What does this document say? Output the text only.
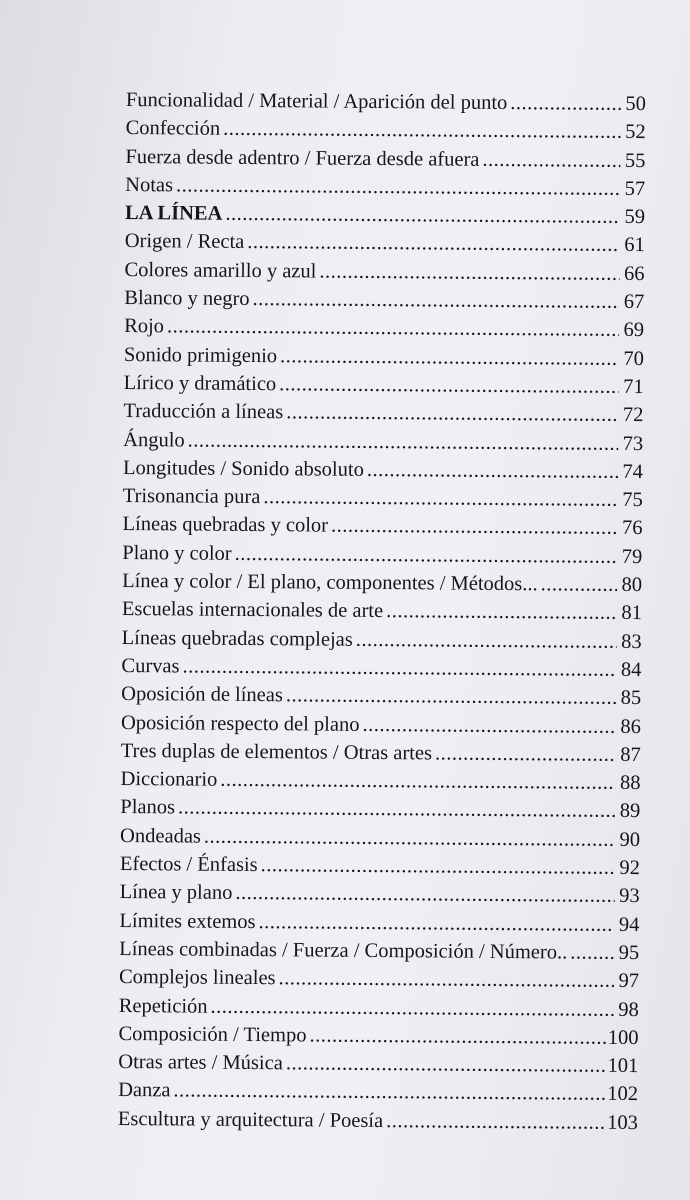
Funcionalidad / Material / Aparición del punto .....	50
Confección .....	52
Fuerza desde adentro / Fuerza desde afuera .....	55
Notas .....	57
LA LÍNEA .....	59
Origen / Recta .....	61
Colores amarillo y azul .....	66
Blanco y negro .....	67
Rojo .....	69
Sonido primigenio .....	70
Lírico y dramático .....	71
Traducción a líneas .....	72
Ángulo .....	73
Longitudes / Sonido absoluto .....	74
Trisonancia pura .....	75
Líneas quebradas y color .....	76
Plano y color .....	79
Línea y color / El plano, componentes / Métodos... .....	80
Escuelas internacionales de arte .....	81
Líneas quebradas complejas .....	83
Curvas .....	84
Oposición de líneas .....	85
Oposición respecto del plano .....	86
Tres duplas de elementos / Otras artes .....	87
Diccionario .....	88
Planos .....	89
Ondeadas .....	90
Efectos / Énfasis .....	92
Línea y plano .....	93
Límites extemos .....	94
Líneas combinadas / Fuerza / Composición / Número.. .....	95
Complejos lineales .....	97
Repetición .....	98
Composición / Tiempo .....	100
Otras artes / Música .....	101
Danza .....	102
Escultura y arquitectura / Poesía .....	103
